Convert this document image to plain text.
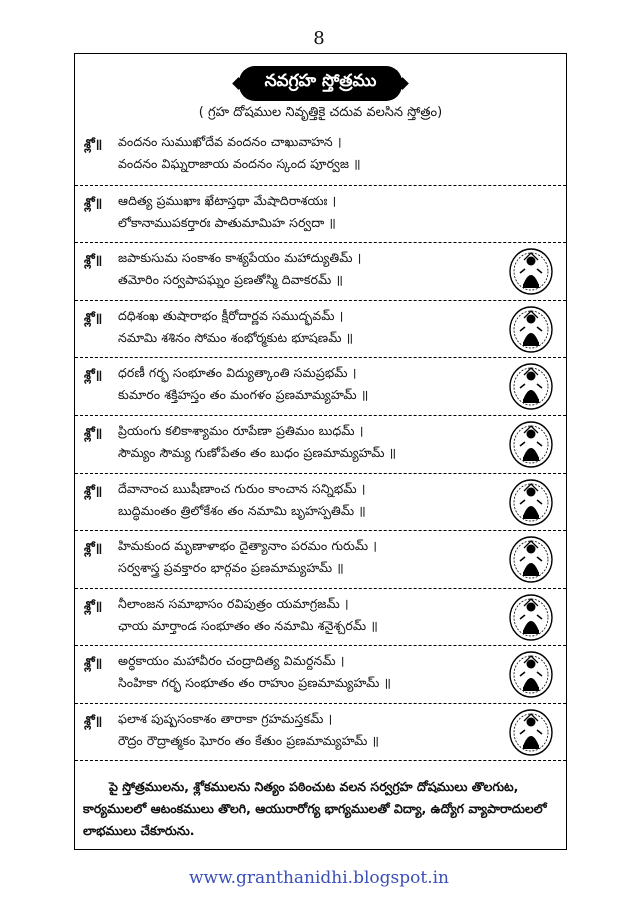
8
నవగ్రహ స్తోత్రము
( గ్రహ దోషముల నివృత్తికై చదువ వలసిన స్తోత్రం)
శ్లో॥ వందనం సుముఖోదేవ వందనం చాఖువాహన ।
వందనం విఘ్నరాజాయ వందనం స్కంద పూర్వజ ॥
శ్లో॥ ఆదిత్య ప్రముఖాః ఖేటాస్తథా మేషాదిరాశయః ।
లోకానాముపకర్తారః పాతుమామిహ సర్వదా ॥
శ్లో॥ జపాకుసుమ సంకాశం కాశ్యపేయం మహాద్యుతిమ్ ।
తమోరిం సర్వపాపఘ్నం ప్రణతోస్మి దివాకరమ్ ॥
శ్లో॥ దధిశంఖ తుషారాభం క్షీరోదార్ణవ సముద్భవమ్ ।
నమామి శశినం సోమం శంభోర్మకుట భూషణమ్ ॥
శ్లో॥ ధరణీ గర్భ సంభూతం విద్యుత్కాంతి సమప్రభమ్ ।
కుమారం శక్తిహస్తం తం మంగళం ప్రణమామ్యహమ్ ॥
శ్లో॥ ప్రియంగు కలికాశ్యామం రూపేణా ప్రతిమం బుధమ్ ।
సౌమ్యం సౌమ్య గుణోపేతం తం బుధం ప్రణమామ్యహమ్ ॥
శ్లో॥ దేవానాంచ ఋషీణాంచ గురుం కాంచాన సన్నిభమ్ ।
బుద్ధిమంతం త్రిలోకేశం తం నమామి బృహస్పతిమ్ ॥
శ్లో॥ హిమకుంద మృణాళాభం దైత్యానాం పరమం గురుమ్ ।
సర్వశాస్త్ర ప్రవక్తారం భార్గవం ప్రణమామ్యహమ్ ॥
శ్లో॥ నీలాంజన సమాభాసం రవిపుత్రం యమాగ్రజమ్ ।
ఛాయ మార్తాండ సంభూతం తం నమామి శనైశ్చరమ్ ॥
శ్లో॥ అర్ధకాయం మహావీరం చంద్రాదిత్య విమర్దనమ్ ।
సింహికా గర్భ సంభూతం తం రాహుం ప్రణమామ్యహమ్ ॥
శ్లో॥ ఫలాశ పుష్పసంకాశం తారాకా గ్రహమస్తకమ్ ।
రౌద్రం రౌద్రాత్మకం ఘోరం తం కేతుం ప్రణమామ్యహమ్ ॥
పై స్తోత్రములను, శ్లోకములను నిత్యం పఠించుట వలన సర్వగ్రహ దోషములు తొలగుట, కార్యములలో ఆటంకములు తొలగి, ఆయురారోగ్య భాగ్యములతో విద్యా, ఉద్యోగ వ్యాపారాదులలో లాభములు చేకూరును.
www.granthanidhi.blogspot.in
